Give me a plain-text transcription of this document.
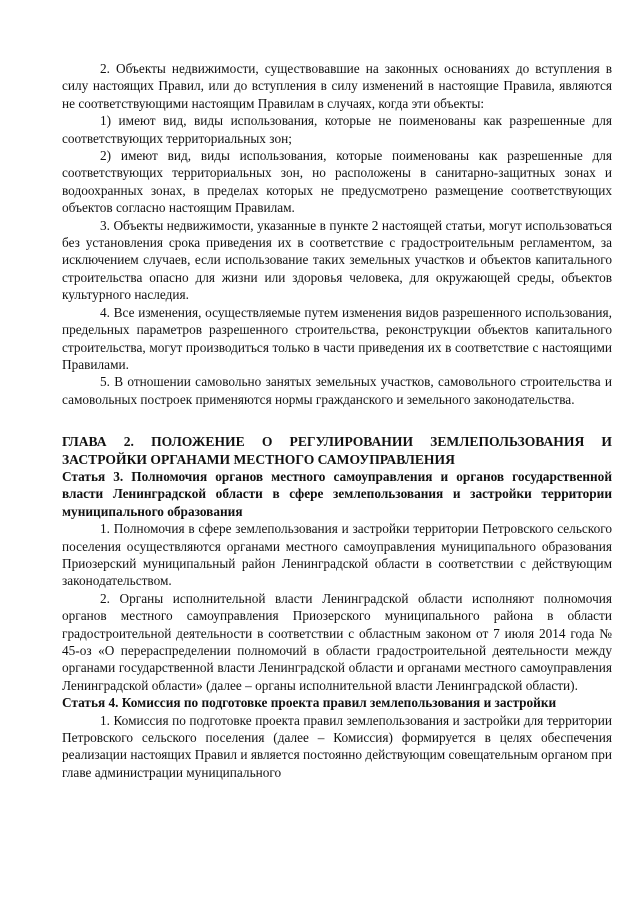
2. Объекты недвижимости, существовавшие на законных основаниях до вступления в силу настоящих Правил, или до вступления в силу изменений в настоящие Правила, являются не соответствующими настоящим Правилам в случаях, когда эти объекты:

1) имеют вид, виды использования, которые не поименованы как разрешенные для соответствующих территориальных зон;

2) имеют вид, виды использования, которые поименованы как разрешенные для соответствующих территориальных зон, но расположены в санитарно-защитных зонах и водоохранных зонах, в пределах которых не предусмотрено размещение соответствующих объектов согласно настоящим Правилам.

3. Объекты недвижимости, указанные в пункте 2 настоящей статьи, могут использоваться без установления срока приведения их в соответствие с градостроительным регламентом, за исключением случаев, если использование таких земельных участков и объектов капитального строительства опасно для жизни или здоровья человека, для окружающей среды, объектов культурного наследия.

4. Все изменения, осуществляемые путем изменения видов разрешенного использования, предельных параметров разрешенного строительства, реконструкции объектов капитального строительства, могут производиться только в части приведения их в соответствие с настоящими Правилами.

5. В отношении самовольно занятых земельных участков, самовольного строительства и самовольных построек применяются нормы гражданского и земельного законодательства.

ГЛАВА 2. ПОЛОЖЕНИЕ О РЕГУЛИРОВАНИИ ЗЕМЛЕПОЛЬЗОВАНИЯ И ЗАСТРОЙКИ ОРГАНАМИ МЕСТНОГО САМОУПРАВЛЕНИЯ
Статья 3. Полномочия органов местного самоуправления и органов государственной власти Ленинградской области в сфере землепользования и застройки территории муниципального образования

1. Полномочия в сфере землепользования и застройки территории Петровского сельского поселения осуществляются органами местного самоуправления муниципального образования Приозерский муниципальный район Ленинградской области в соответствии с действующим законодательством.

2. Органы исполнительной власти Ленинградской области исполняют полномочия органов местного самоуправления Приозерского муниципального района в области градостроительной деятельности в соответствии с областным законом от 7 июля 2014 года № 45-оз «О перераспределении полномочий в области градостроительной деятельности между органами государственной власти Ленинградской области и органами местного самоуправления Ленинградской области» (далее – органы исполнительной власти Ленинградской области).

Статья 4. Комиссия по подготовке проекта правил землепользования и застройки

1. Комиссия по подготовке проекта правил землепользования и застройки для территории Петровского сельского поселения (далее – Комиссия) формируется в целях обеспечения реализации настоящих Правил и является постоянно действующим совещательным органом при главе администрации муниципального
